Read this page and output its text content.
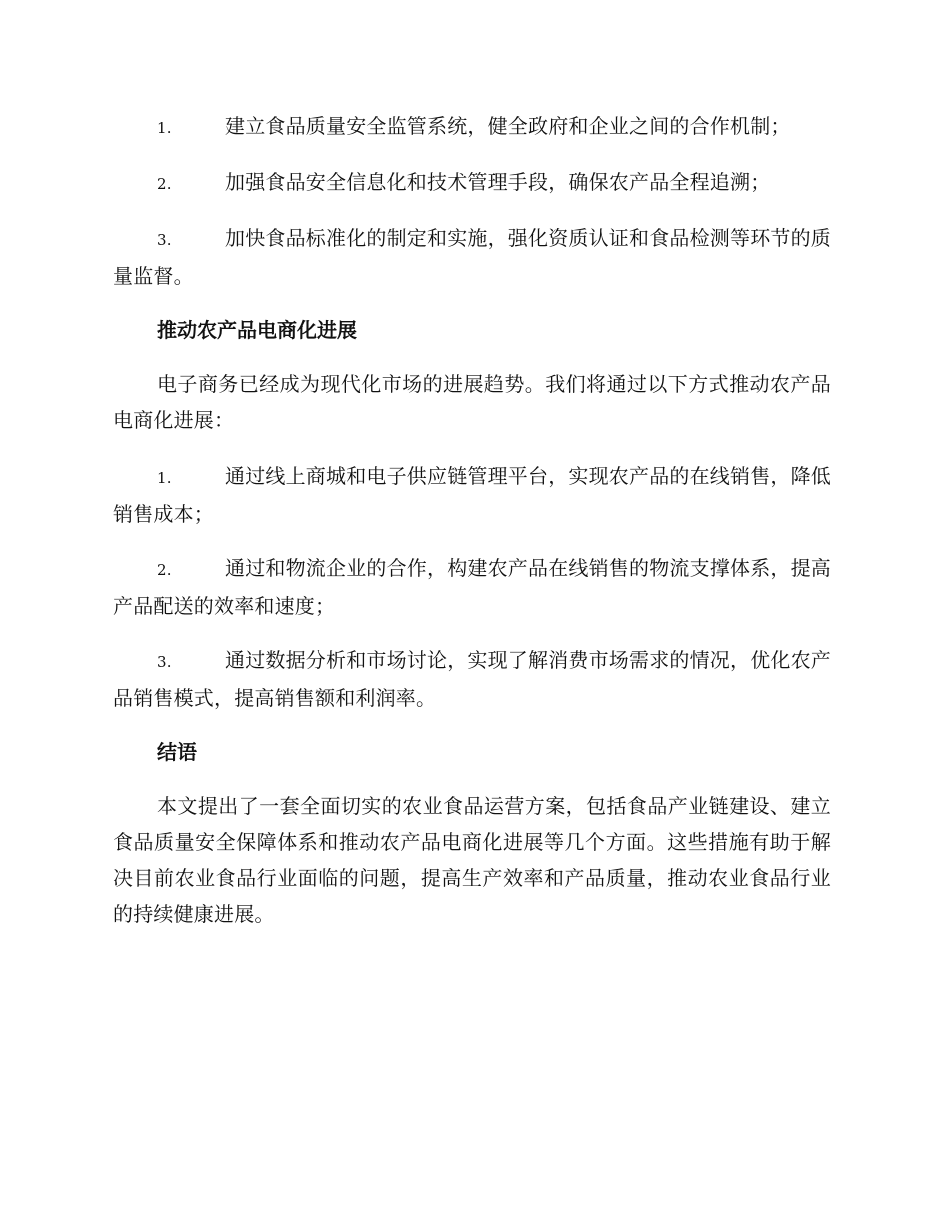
1.	建立食品质量安全监管系统，健全政府和企业之间的合作机制；

2.	加强食品安全信息化和技术管理手段，确保农产品全程追溯；

3.	加快食品标准化的制定和实施，强化资质认证和食品检测等环节的质量监督。

推动农产品电商化进展

电子商务已经成为现代化市场的进展趋势。我们将通过以下方式推动农产品电商化进展：

1.	通过线上商城和电子供应链管理平台，实现农产品的在线销售，降低销售成本；

2.	通过和物流企业的合作，构建农产品在线销售的物流支撑体系，提高产品配送的效率和速度；

3.	通过数据分析和市场讨论，实现了解消费市场需求的情况，优化农产品销售模式，提高销售额和利润率。

结语

本文提出了一套全面切实的农业食品运营方案，包括食品产业链建设、建立食品质量安全保障体系和推动农产品电商化进展等几个方面。这些措施有助于解决目前农业食品行业面临的问题，提高生产效率和产品质量，推动农业食品行业的持续健康进展。
